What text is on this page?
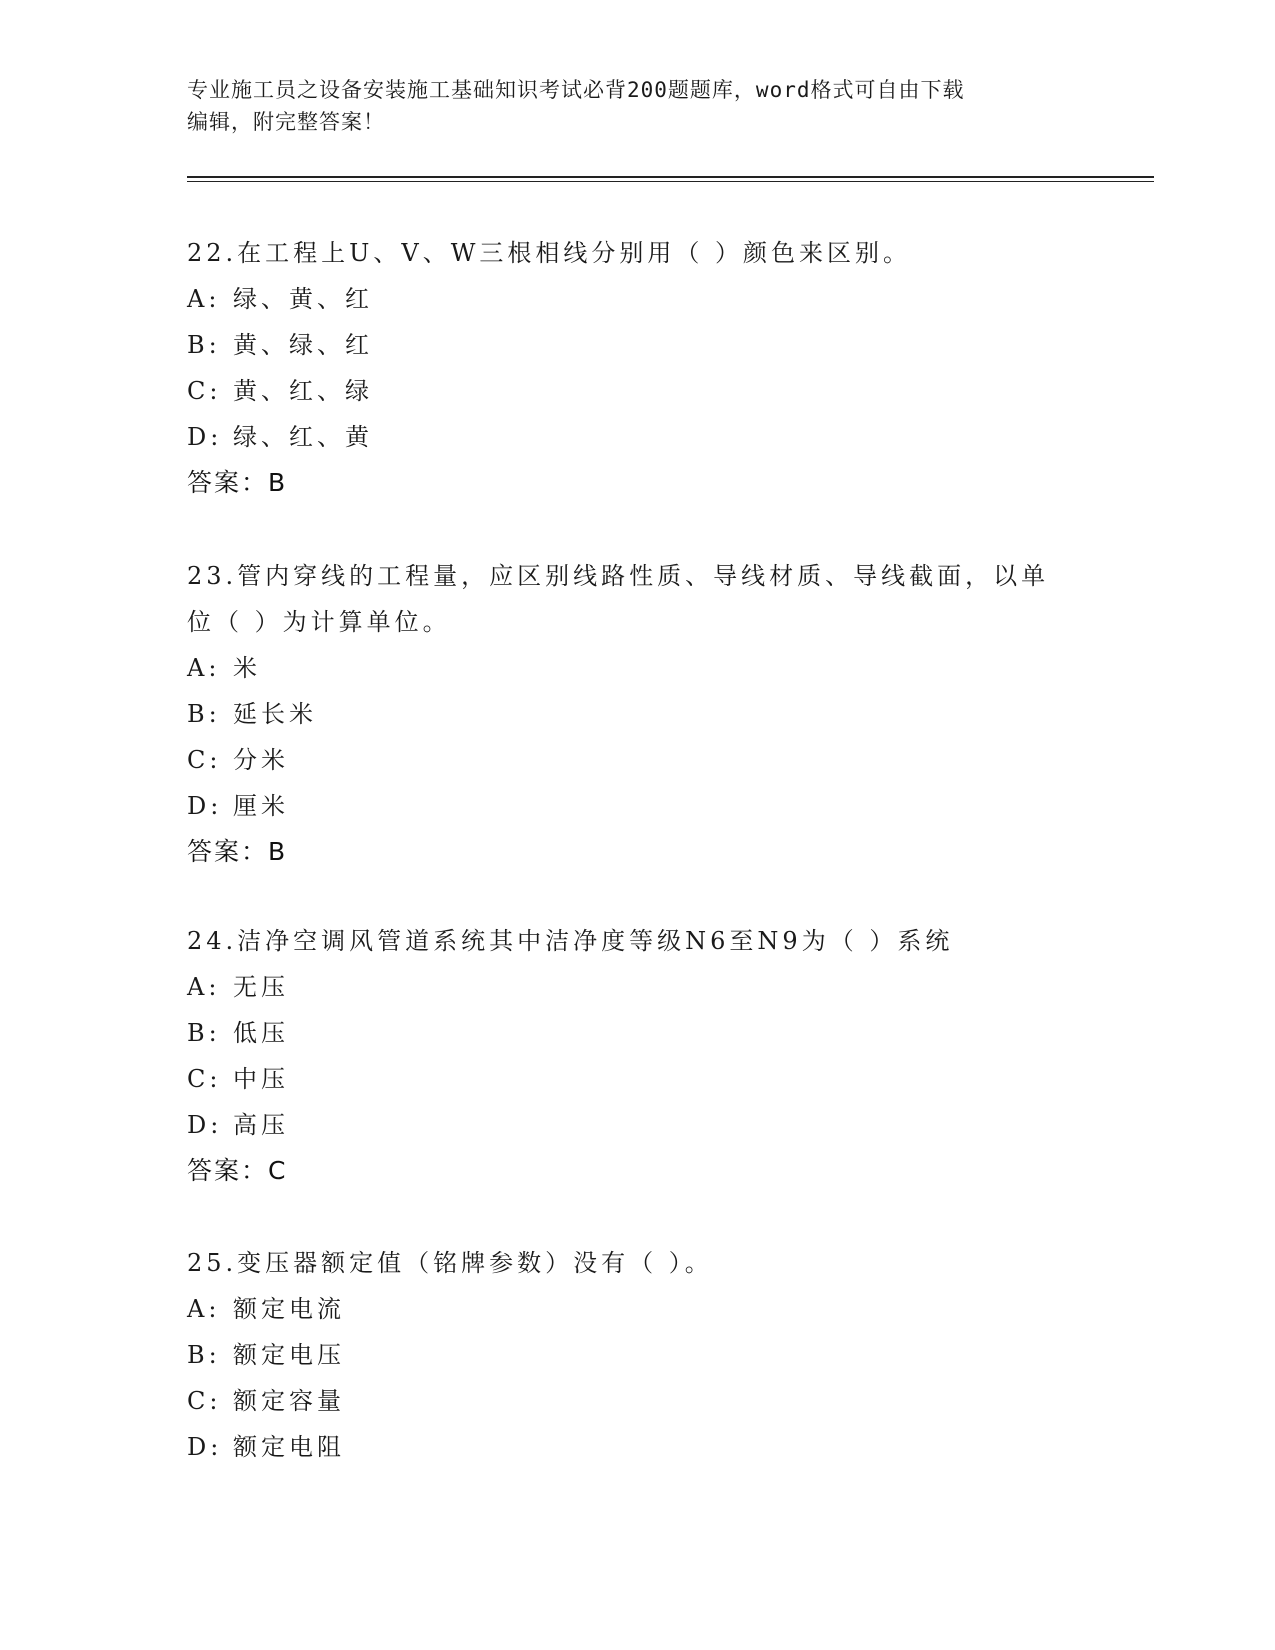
专业施工员之设备安装施工基础知识考试必背200题题库，word格式可自由下载
编辑，附完整答案！

22.在工程上U、V、W三根相线分别用（ ）颜色来区别。

A: 绿、黄、红
B: 黄、绿、红
C: 黄、红、绿
D: 绿、红、黄

答案：B

23.管内穿线的工程量，应区别线路性质、导线材质、导线截面，以单

位（ ）为计算单位。

A: 米
B: 延长米
C: 分米
D: 厘米

答案：B

24.洁净空调风管道系统其中洁净度等级N6至N9为（ ）系统

A: 无压
B: 低压
C: 中压
D: 高压

答案：C

25.变压器额定值（铭牌参数）没有（ ）。

A: 额定电流
B: 额定电压
C: 额定容量
D: 额定电阻
